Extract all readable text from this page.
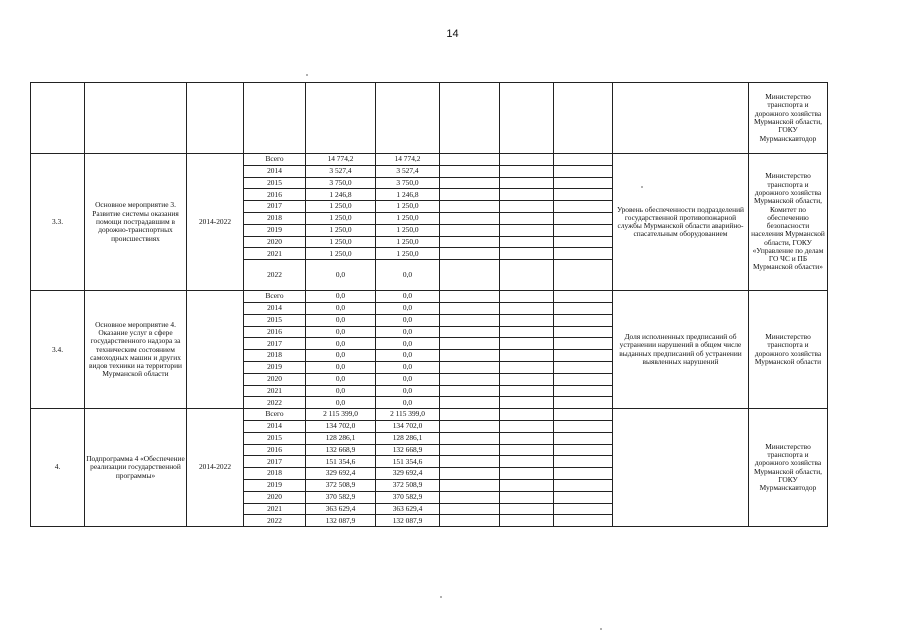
14
										Министерство транспорта и дорожного хозяйства Мурманской области, ГОКУ Мурманскавтодор
3.3.	Основное мероприятие 3. Развитие системы оказания помощи пострадавшим в дорожно-транспортных происшествиях	2014-2022	Всего	14 774,2	14 774,2				Уровень обеспеченности подразделений государственной противопожарной службы Мурманской области аварийно-спасательным оборудованием	Министерство транспорта и дорожного хозяйства Мурманской области, Комитет по обеспечению безопасности населения Мурманской области, ГОКУ «Управление по делам ГО ЧС и ПБ Мурманской области»
			2014	3 527,4	3 527,4					
			2015	3 750,0	3 750,0					
			2016	1 246,8	1 246,8					
			2017	1 250,0	1 250,0					
			2018	1 250,0	1 250,0					
			2019	1 250,0	1 250,0					
			2020	1 250,0	1 250,0					
			2021	1 250,0	1 250,0					
			2022	0,0	0,0					
3.4.	Основное мероприятие 4. Оказание услуг в сфере государственного надзора за техническим состоянием самоходных машин и других видов техники на территории Мурманской области		Всего	0,0	0,0				Доля исполненных предписаний об устранении нарушений в общем числе выданных предписаний об устранении выявленных нарушений	Министерство транспорта и дорожного хозяйства Мурманской области
			2014	0,0	0,0					
			2015	0,0	0,0					
			2016	0,0	0,0					
			2017	0,0	0,0					
			2018	0,0	0,0					
			2019	0,0	0,0					
			2020	0,0	0,0					
			2021	0,0	0,0					
			2022	0,0	0,0					
4.	Подпрограмма 4 «Обеспечение реализации государственной программы»	2014-2022	Всего	2 115 399,0	2 115 399,0					Министерство транспорта и дорожного хозяйства Мурманской области, ГОКУ Мурманскавтодор
			2014	134 702,0	134 702,0					
			2015	128 286,1	128 286,1					
			2016	132 668,9	132 668,9					
			2017	151 354,6	151 354,6					
			2018	329 692,4	329 692,4					
			2019	372 508,9	372 508,9					
			2020	370 582,9	370 582,9					
			2021	363 629,4	363 629,4					
			2022	132 087,9	132 087,9					
